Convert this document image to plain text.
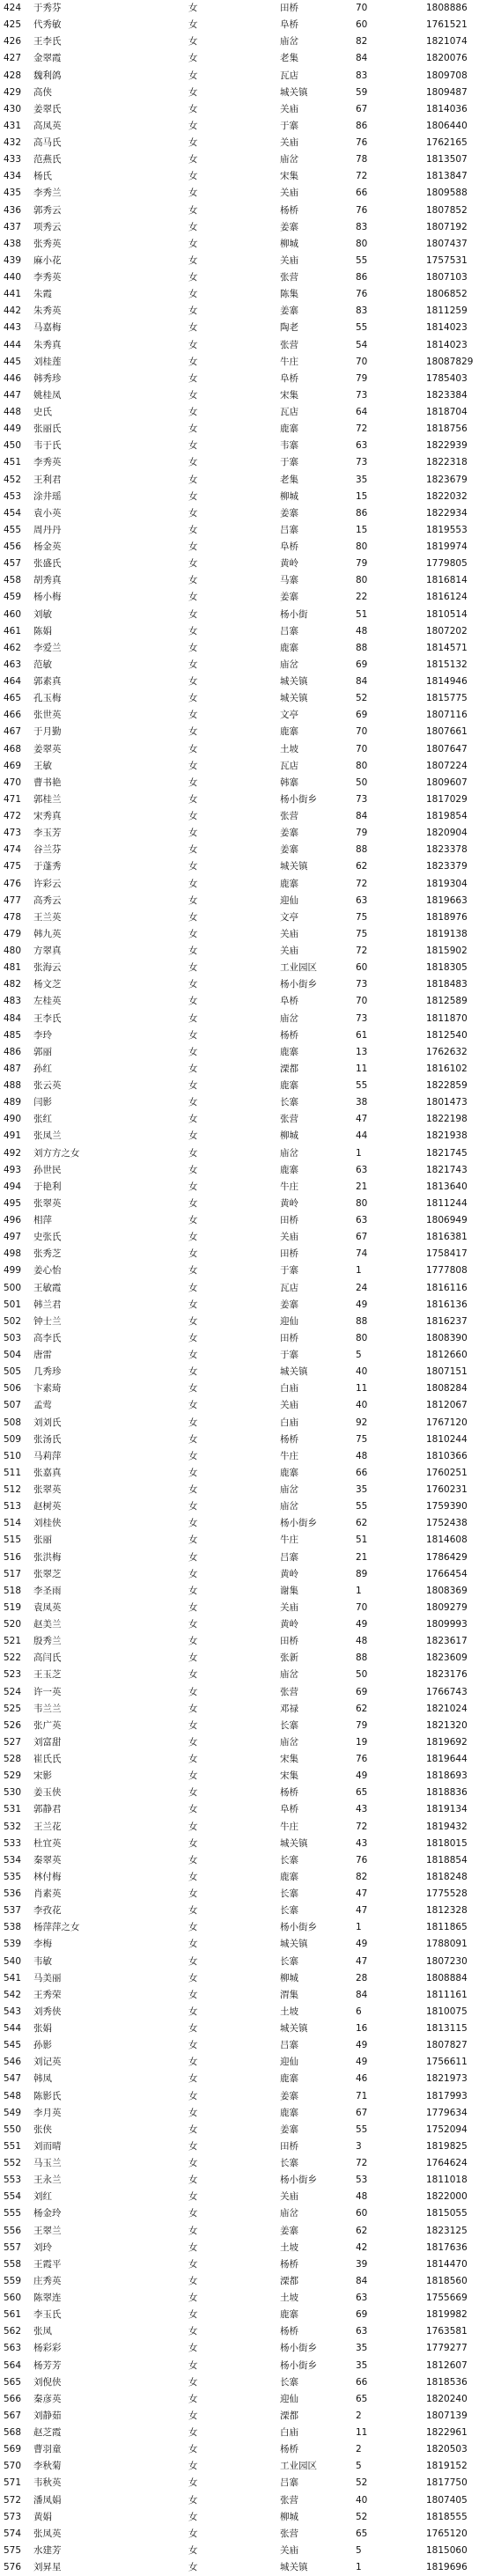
424	于秀芬	女	田桥	70	1808886
425	代秀敏	女	阜桥	60	1761521
426	王李氏	女	庙岔	82	1821074
427	金翠霞	女	老集	84	1820076
428	魏利鸽	女	瓦店	83	1809708
429	高侠	女	城关镇	59	1809487
430	姜翠氏	女	关庙	67	1814036
431	高凤英	女	于寨	86	1806440
432	高马氏	女	关庙	76	1762165
433	范燕氏	女	庙岔	78	1813507
434	杨氏	女	宋集	72	1813847
435	李秀兰	女	关庙	66	1809588
436	郭秀云	女	杨桥	76	1807852
437	项秀云	女	姜寨	83	1807192
438	张秀英	女	柳城	80	1807437
439	麻小花	女	关庙	55	1757531
440	李秀英	女	张营	86	1807103
441	朱霞	女	陈集	76	1806852
442	朱秀英	女	姜寨	83	1811259
443	马嘉梅	女	陶老	55	1814023
444	朱秀真	女	张营	54	1814023
445	刘桂莲	女	牛庄	70	18087829
446	韩秀珍	女	阜桥	79	1785403
447	姚桂凤	女	宋集	73	1823384
448	史氏	女	瓦店	64	1818704
449	张丽氏	女	鹿寨	72	1818756
450	韦于氏	女	韦寨	63	1822939
451	李秀英	女	于寨	73	1822318
452	王利君	女	老集	35	1823679
453	涂井瑶	女	柳城	15	1822032
454	袁小英	女	姜寨	86	1822934
455	周丹丹	女	吕寨	15	1819553
456	杨金英	女	阜桥	80	1819974
457	张盛氏	女	黄岭	79	1779805
458	胡秀真	女	马寨	80	1816814
459	杨小梅	女	姜寨	22	1816124
460	刘敏	女	杨小街	51	1810514
461	陈娟	女	吕寨	48	1807202
462	李爱兰	女	鹿寨	88	1814571
463	范敏	女	庙岔	69	1815132
464	郭素真	女	城关镇	84	1814946
465	孔玉梅	女	城关镇	52	1815775
466	张世英	女	文亭	69	1807116
467	于月勤	女	鹿寨	70	1807661
468	姜翠英	女	土坡	70	1807647
469	王敏	女	瓦店	80	1807224
470	曹书艳	女	韩寨	50	1809607
471	郭桂兰	女	杨小街乡	73	1817029
472	宋秀真	女	张营	84	1819854
473	李玉芳	女	姜寨	79	1820904
474	谷兰芬	女	姜寨	88	1823378
475	于蓬秀	女	城关镇	62	1823379
476	许彩云	女	鹿寨	72	1819304
477	高秀云	女	迎仙	63	1819663
478	王兰英	女	文亭	75	1818976
479	韩九英	女	关庙	75	1819138
480	方翠真	女	关庙	72	1815902
481	张海云	女	工业园区	60	1818305
482	杨文芝	女	杨小街乡	73	1818483
483	左桂英	女	阜桥	70	1812589
484	王李氏	女	庙岔	73	1811870
485	李玲	女	杨桥	61	1812540
486	郭丽	女	鹿寨	13	1762632
487	孙红	女	溧都	11	1816102
488	张云英	女	鹿寨	55	1822859
489	闫影	女	长寨	38	1801473
490	张红	女	张营	47	1822198
491	张凤兰	女	柳城	44	1821938
492	刘方方之女	女	庙岔	1	1821745
493	孙世民	女	鹿寨	63	1821743
494	于艳利	女	牛庄	21	1813640
495	张翠英	女	黄岭	80	1811244
496	相萍	女	田桥	63	1806949
497	史张氏	女	关庙	67	1816381
498	张秀芝	女	田桥	74	1758417
499	姜心怡	女	于寨	1	1777808
500	王敏霞	女	瓦店	24	1816116
501	韩兰君	女	姜寨	49	1816136
502	钟士兰	女	迎仙	88	1816237
503	高李氏	女	田桥	80	1808390
504	唐雷	女	于寨	5	1812660
505	几秀珍	女	城关镇	40	1807151
506	卞素琦	女	白庙	11	1808284
507	孟莺	女	关庙	40	1812067
508	刘刘氏	女	白庙	92	1767120
509	张汤氏	女	杨桥	75	1810244
510	马莉萍	女	牛庄	48	1810366
511	张嘉真	女	鹿寨	66	1760251
512	张翠英	女	庙岔	35	1760231
513	赵树英	女	庙岔	55	1759390
514	刘桂侠	女	杨小街乡	62	1752438
515	张丽	女	牛庄	51	1814608
516	张洪梅	女	吕寨	21	1786429
517	张翠芝	女	黄岭	89	1766454
518	李圣雨	女	谢集	1	1808369
519	袁凤英	女	关庙	70	1809279
520	赵美兰	女	黄岭	49	1809993
521	殷秀兰	女	田桥	48	1823617
522	高闫氏	女	张新	88	1823609
523	王玉芝	女	庙岔	50	1823176
524	许一英	女	张营	69	1766743
525	韦兰兰	女	邓禄	62	1821024
526	张广英	女	长寨	79	1821320
527	刘富甜	女	庙岔	19	1819692
528	崔氏氏	女	宋集	76	1819644
529	宋影	女	宋集	49	1818693
530	姜玉侠	女	杨桥	65	1818836
531	郭静君	女	阜桥	43	1819134
532	王兰花	女	牛庄	72	1819432
533	杜宜英	女	城关镇	43	1818015
534	秦翠英	女	长寨	76	1818854
535	林付梅	女	鹿寨	82	1818248
536	肖素英	女	长寨	47	1775528
537	李孜花	女	长寨	47	1812328
538	杨萍萍之女	女	杨小街乡	1	1811865
539	李梅	女	城关镇	49	1788091
540	韦敏	女	长寨	47	1807230
541	马美丽	女	柳城	28	1808884
542	王秀荣	女	渭集	84	1811161
543	刘秀侠	女	土坡	6	1810075
544	张娟	女	城关镇	16	1813115
545	孙影	女	吕寨	49	1807827
546	刘记英	女	迎仙	49	1756611
547	韩凤	女	鹿寨	46	1821973
548	陈影氏	女	姜寨	71	1817993
549	李月英	女	鹿寨	67	1779634
550	张侠	女	姜寨	55	1752094
551	刘而晴	女	田桥	3	1819825
552	马玉兰	女	长寨	72	1764624
553	王永兰	女	杨小街乡	53	1811018
554	刘红	女	关庙	48	1822000
555	杨金玲	女	庙岔	60	1815055
556	王翠兰	女	姜寨	62	1823125
557	刘玲	女	土坡	42	1817636
558	王霞平	女	杨桥	39	1814470
559	庄秀英	女	溧都	84	1818560
560	陈翠连	女	土坡	63	1755669
561	李玉氏	女	鹿寨	69	1819982
562	张凤	女	杨桥	63	1763581
563	杨彩彩	女	杨小街乡	35	1779277
564	杨芳芳	女	杨小街乡	35	1812607
565	刘倪侠	女	长寨	66	1818536
566	秦彦英	女	迎仙	65	1820240
567	刘静茹	女	溧都	2	1807139
568	赵芝霞	女	白庙	11	1822961
569	曹羽童	女	杨桥	2	1820503
570	李秋菊	女	工业园区	5	1819152
571	韦秋英	女	吕寨	52	1817750
572	潘凤娟	女	张营	40	1807405
573	黄娟	女	柳城	52	1818555
574	张凤英	女	张营	65	1765120
575	水建芳	女	关庙	5	1815060
576	刘昇星	女	城关镇	1	1819696
